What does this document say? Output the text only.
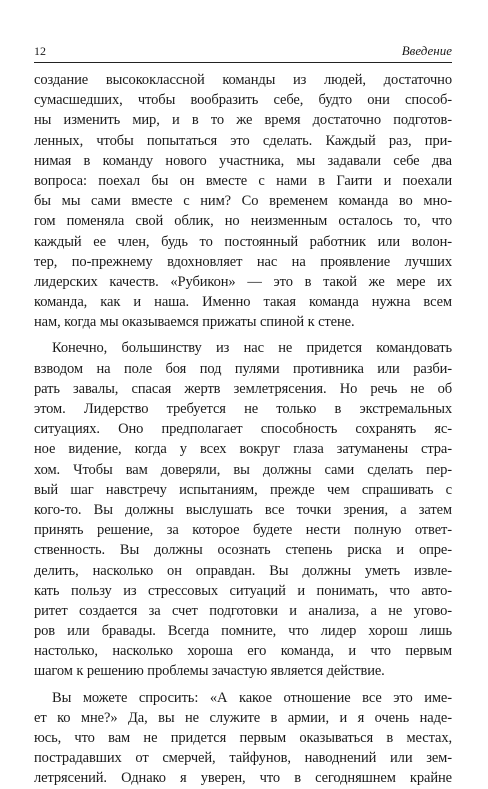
12	Введение
создание высококлассной команды из людей, достаточно
сумасшедших, чтобы вообразить себе, будто они способ-
ны изменить мир, и в то же время достаточно подготов-
ленных, чтобы попытаться это сделать. Каждый раз, при-
нимая в команду нового участника, мы задавали себе два
вопроса: поехал бы он вместе с нами в Гаити и поехали
бы мы сами вместе с ним? Со временем команда во мно-
гом поменяла свой облик, но неизменным осталось то, что
каждый ее член, будь то постоянный работник или волон-
тер, по-прежнему вдохновляет нас на проявление лучших
лидерских качеств. «Рубикон» — это в такой же мере их
команда, как и наша. Именно такая команда нужна всем
нам, когда мы оказываемся прижаты спиной к стене.
Конечно, большинству из нас не придется командовать
взводом на поле боя под пулями противника или разби-
рать завалы, спасая жертв землетрясения. Но речь не об
этом. Лидерство требуется не только в экстремальных
ситуациях. Оно предполагает способность сохранять яс-
ное видение, когда у всех вокруг глаза затуманены стра-
хом. Чтобы вам доверяли, вы должны сами сделать пер-
вый шаг навстречу испытаниям, прежде чем спрашивать с
кого-то. Вы должны выслушать все точки зрения, а затем
принять решение, за которое будете нести полную ответ-
ственность. Вы должны осознать степень риска и опре-
делить, насколько он оправдан. Вы должны уметь извле-
кать пользу из стрессовых ситуаций и понимать, что авто-
ритет создается за счет подготовки и анализа, а не угово-
ров или бравады. Всегда помните, что лидер хорош лишь
настолько, насколько хороша его команда, и что первым
шагом к решению проблемы зачастую является действие.
Вы можете спросить: «А какое отношение все это име-
ет ко мне?» Да, вы не служите в армии, и я очень наде-
юсь, что вам не придется первым оказываться в местах,
пострадавших от смерчей, тайфунов, наводнений или зем-
летрясений. Однако я уверен, что в сегодняшнем крайне
